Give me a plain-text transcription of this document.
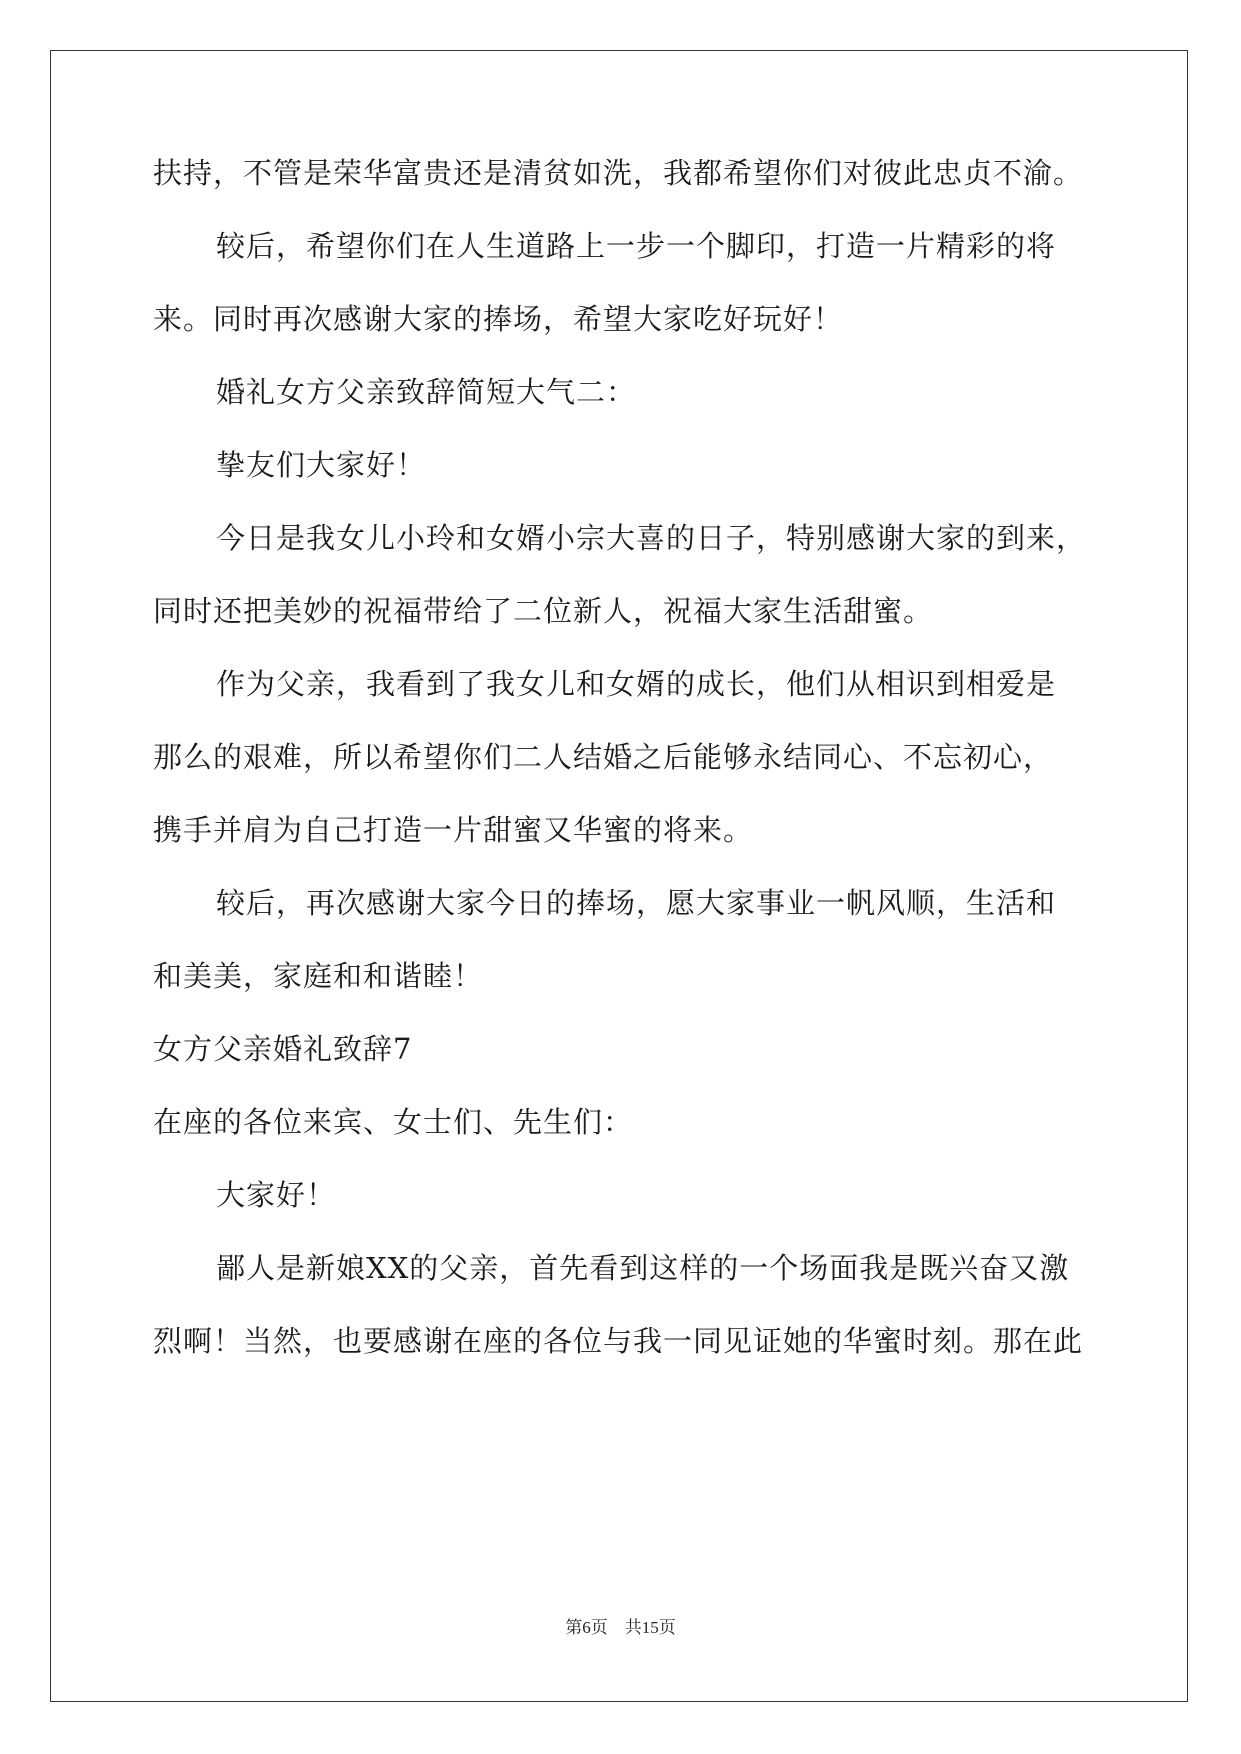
扶持，不管是荣华富贵还是清贫如洗，我都希望你们对彼此忠贞不渝。
较后，希望你们在人生道路上一步一个脚印，打造一片精彩的将
来。同时再次感谢大家的捧场，希望大家吃好玩好！
婚礼女方父亲致辞简短大气二：
挚友们大家好！
今日是我女儿小玲和女婿小宗大喜的日子，特别感谢大家的到来，
同时还把美妙的祝福带给了二位新人，祝福大家生活甜蜜。
作为父亲，我看到了我女儿和女婿的成长，他们从相识到相爱是
那么的艰难，所以希望你们二人结婚之后能够永结同心、不忘初心，
携手并肩为自己打造一片甜蜜又华蜜的将来。
较后，再次感谢大家今日的捧场，愿大家事业一帆风顺，生活和
和美美，家庭和和谐睦！
女方父亲婚礼致辞7
在座的各位来宾、女士们、先生们：
大家好！
鄙人是新娘XX的父亲，首先看到这样的一个场面我是既兴奋又激
烈啊！当然，也要感谢在座的各位与我一同见证她的华蜜时刻。那在此
第6页　共15页
